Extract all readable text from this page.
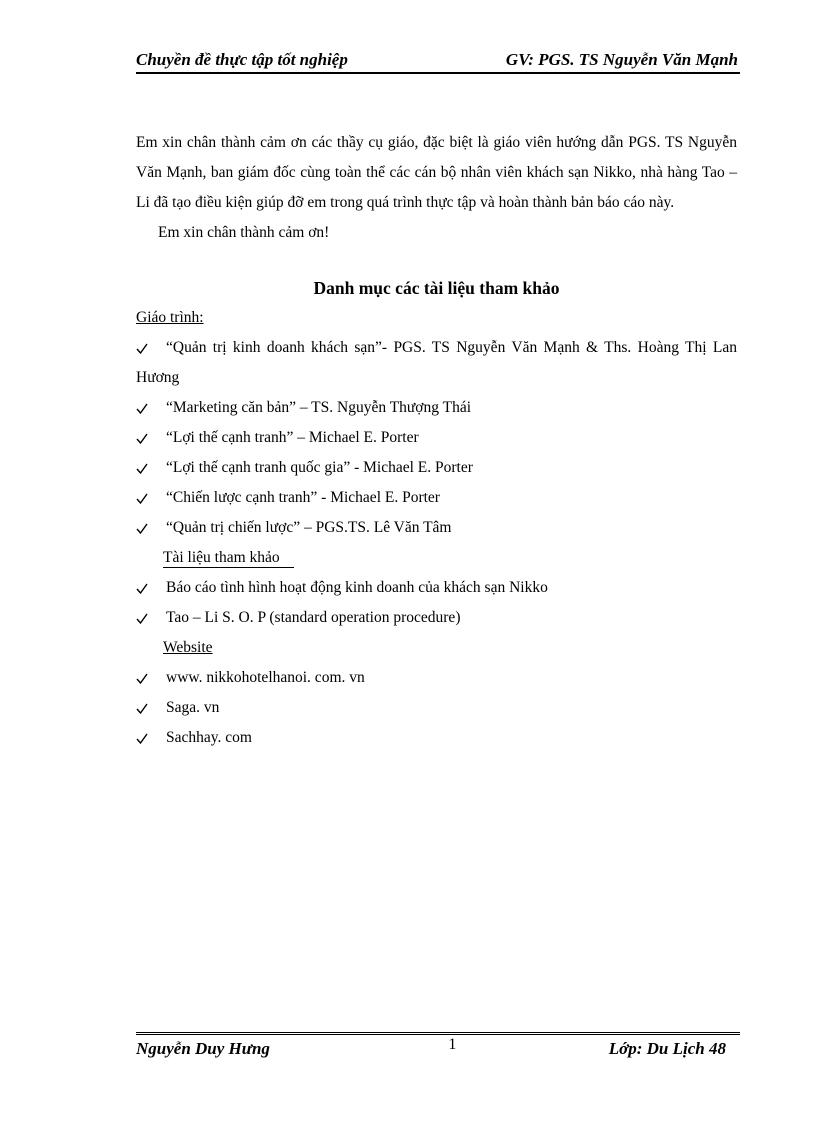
Chuyền đề thực tập tốt nghiệp	GV: PGS. TS Nguyễn Văn Mạnh

Em xin chân thành cảm ơn các thầy cụ giáo, đặc biệt là giáo viên hướng dẫn PGS. TS Nguyễn Văn Mạnh, ban giám đốc cùng toàn thể các cán bộ nhân viên khách sạn Nikko, nhà hàng Tao – Li đã tạo điều kiện giúp đỡ em trong quá trình thực tập và hoàn thành bản báo cáo này.

Em xin chân thành cảm ơn!

Danh mục các tài liệu tham khảo

Giáo trình:

“Quản trị kinh doanh khách sạn”- PGS. TS Nguyễn Văn Mạnh & Ths. Hoàng Thị Lan Hương
“Marketing căn bản” – TS. Nguyễn Thượng Thái
“Lợi thế cạnh tranh” – Michael E. Porter
“Lợi thế cạnh tranh quốc gia” - Michael E. Porter
“Chiến lược cạnh tranh” - Michael E. Porter
“Quản trị chiến lược” – PGS.TS. Lê Văn Tâm

Tài liệu tham khảo

Báo cáo tình hình hoạt động kinh doanh của khách sạn Nikko
Tao – Li S. O. P (standard operation procedure)

Website

www. nikkohotelhanoi. com. vn
Saga. vn
Sachhay. com
Nguyễn Duy Hưng	1	Lớp: Du Lịch 48
